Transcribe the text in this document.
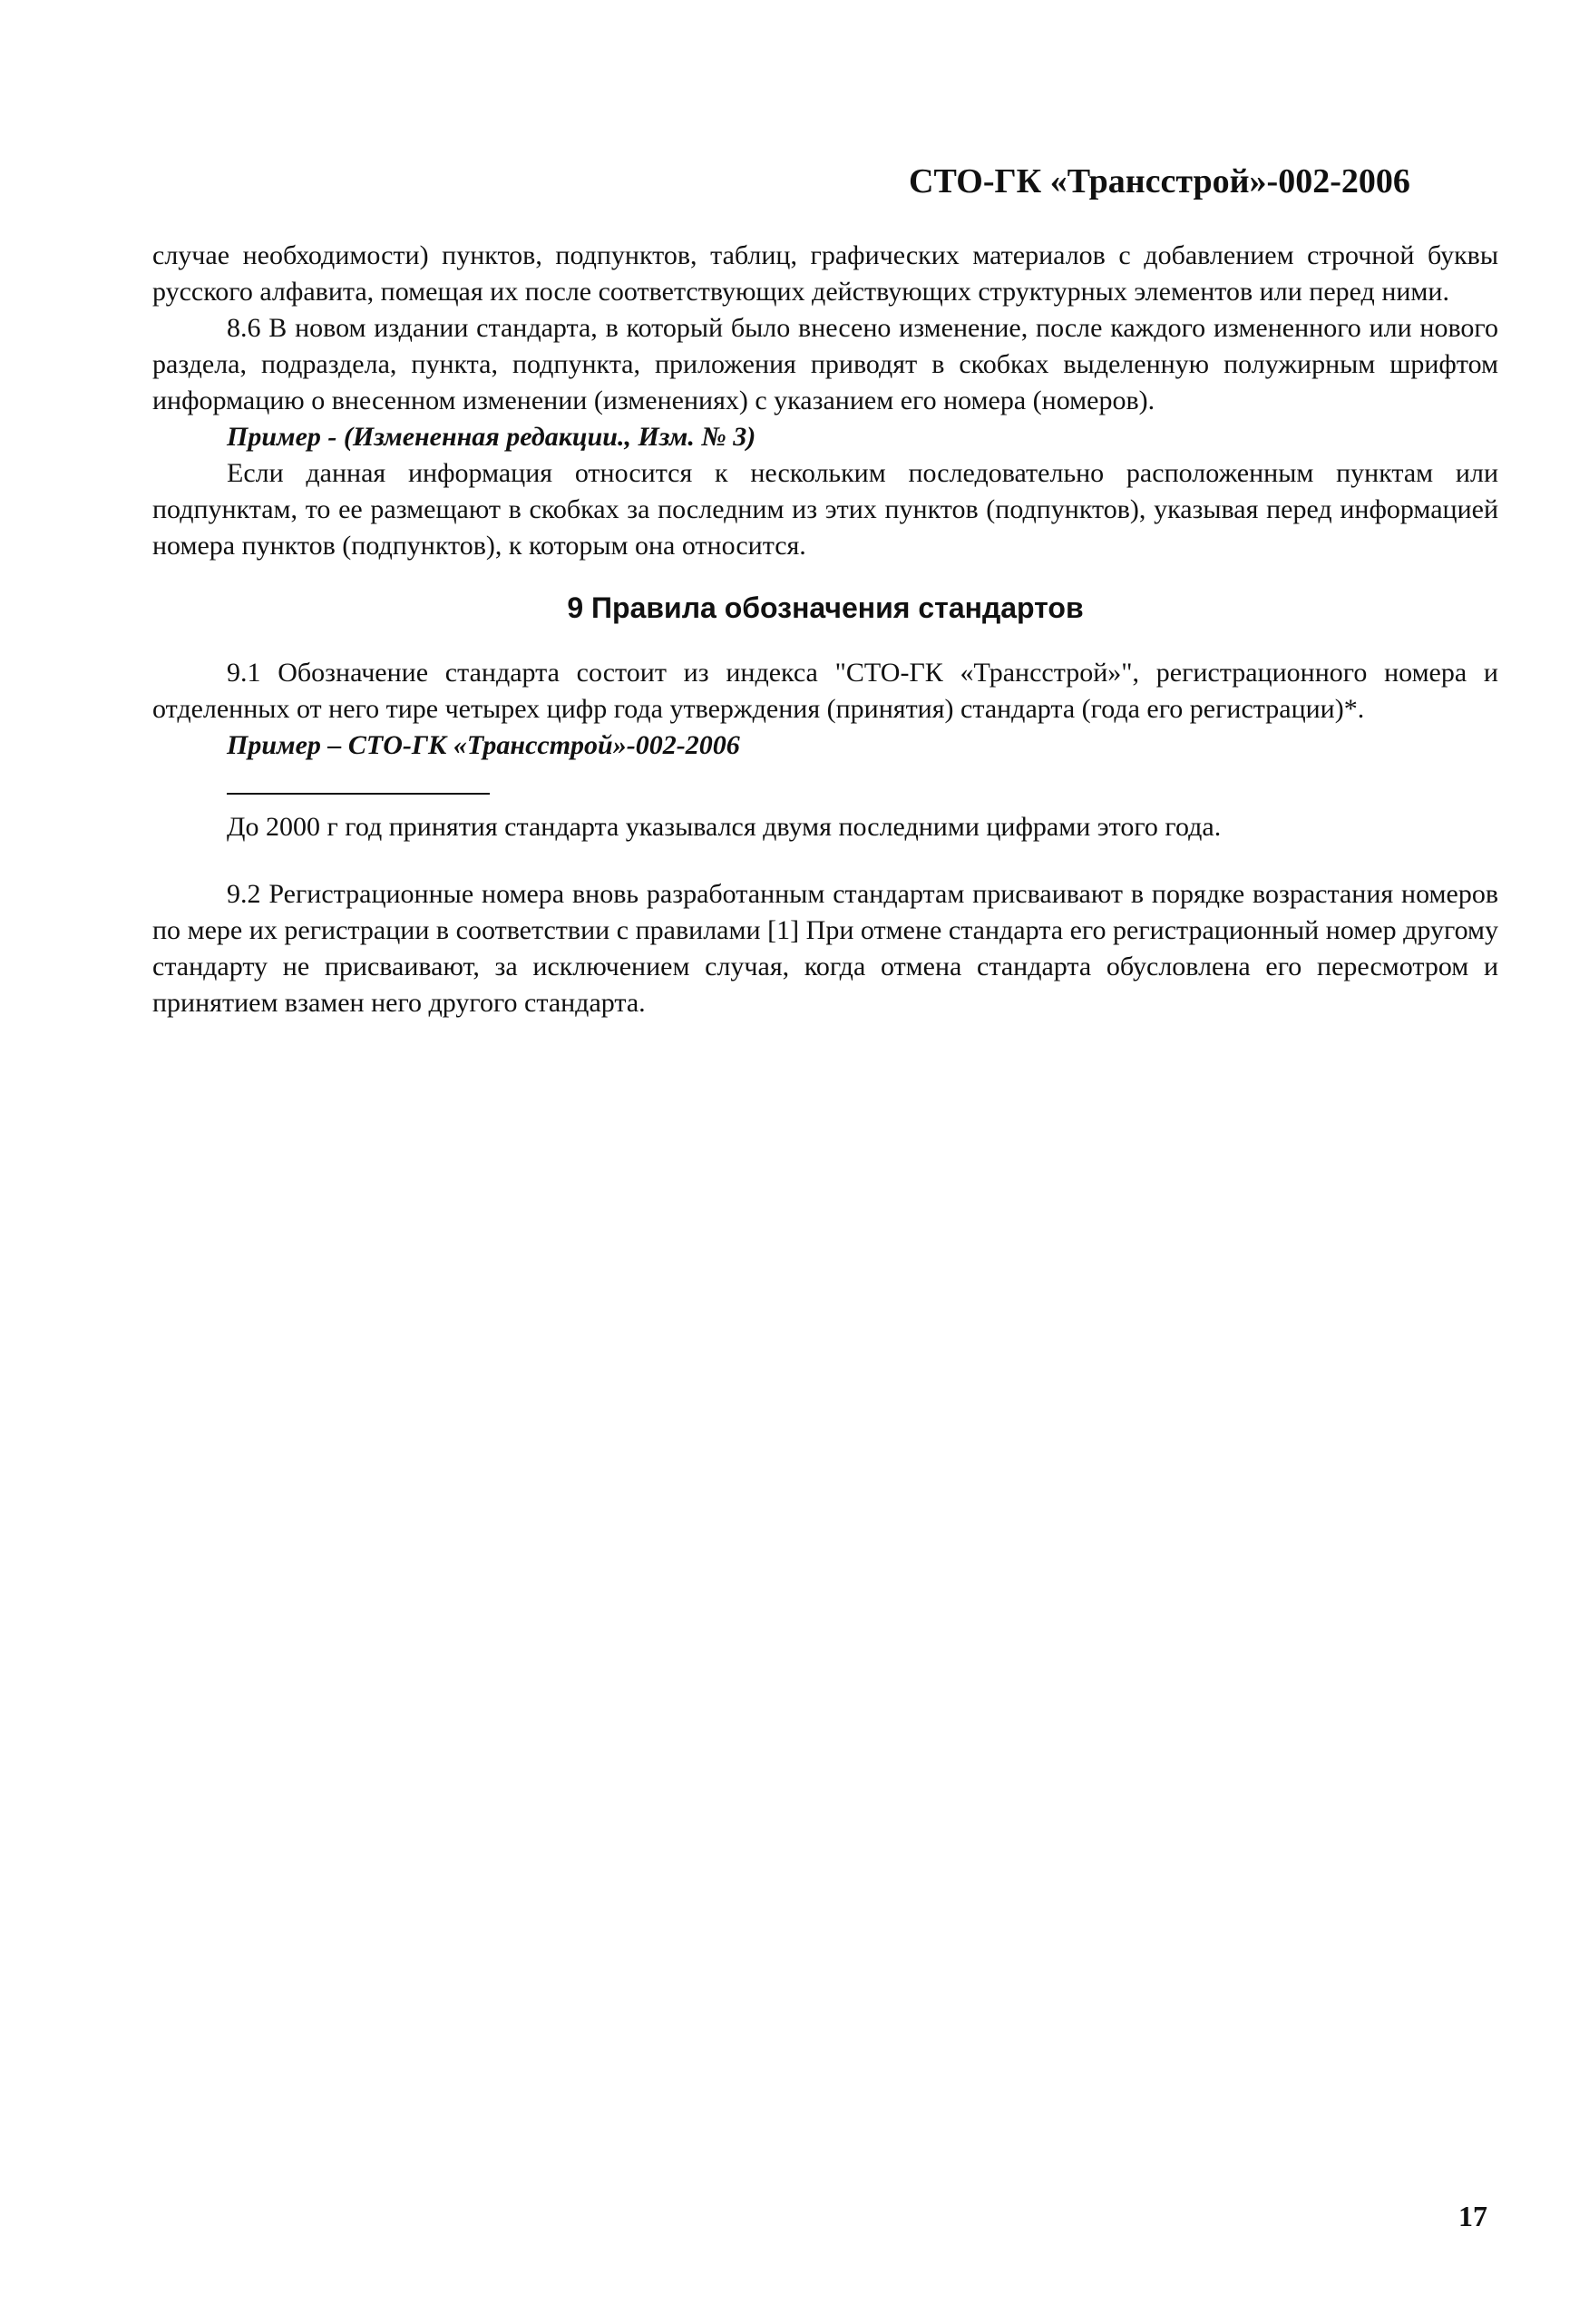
СТО-ГК «Трансстрой»-002-2006

случае необходимости) пунктов, подпунктов, таблиц, графических материалов с добавлением строчной буквы русского алфавита, помещая их после соответствующих действующих структурных элементов или перед ними.

8.6 В новом издании стандарта, в который было внесено изменение, после каждого измененного или нового раздела, подраздела, пункта, подпункта, приложения приводят в скобках выделенную полужирным шрифтом информацию о внесенном изменении (изменениях) с указанием его номера (номеров).

Пример - (Измененная редакции., Изм. № 3)

Если данная информация относится к нескольким последовательно расположенным пунктам или подпунктам, то ее размещают в скобках за последним из этих пунктов (подпунктов), указывая перед информацией номера пунктов (подпунктов), к которым она относится.

9 Правила обозначения стандартов

9.1 Обозначение стандарта состоит из индекса "СТО-ГК «Трансстрой»", регистрационного номера и отделенных от него тире четырех цифр года утверждения (принятия) стандарта (года его регистрации)*.

Пример – СТО-ГК «Трансстрой»-002-2006

До 2000 г год принятия стандарта указывался двумя последними цифрами этого года.

9.2 Регистрационные номера вновь разработанным стандартам присваивают в порядке возрастания номеров по мере их регистрации в соответствии с правилами [1] При отмене стандарта его регистрационный номер другому стандарту не присваивают, за исключением случая, когда отмена стандарта обусловлена его пересмотром и принятием взамен него другого стандарта.

17
